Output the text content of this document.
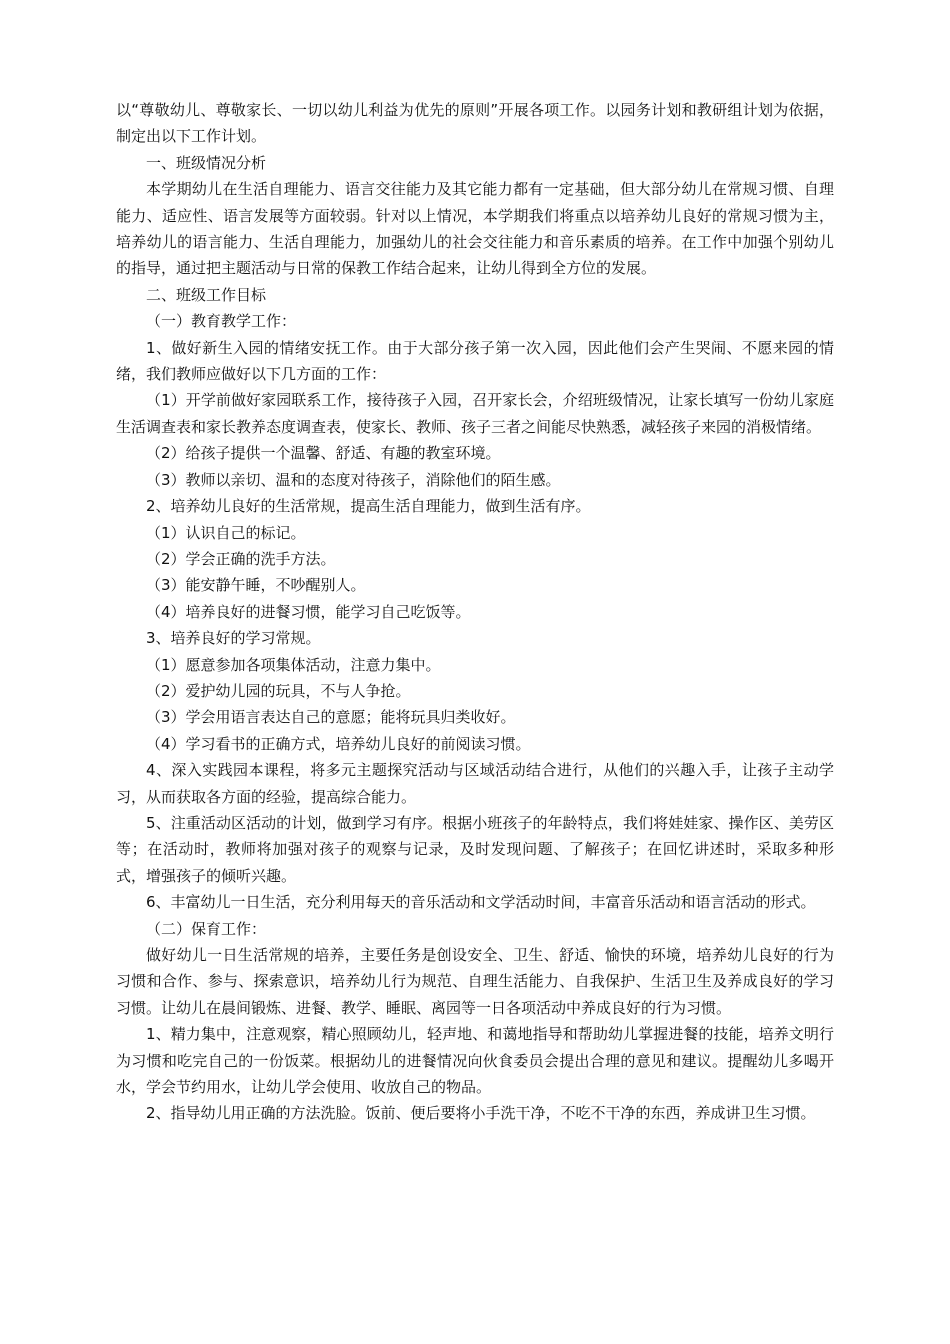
以“尊敬幼儿、尊敬家长、一切以幼儿利益为优先的原则”开展各项工作。以园务计划和教研组计划为依据，制定出以下工作计划。

一、班级情况分析

本学期幼儿在生活自理能力、语言交往能力及其它能力都有一定基础，但大部分幼儿在常规习惯、自理能力、适应性、语言发展等方面较弱。针对以上情况，本学期我们将重点以培养幼儿良好的常规习惯为主，培养幼儿的语言能力、生活自理能力，加强幼儿的社会交往能力和音乐素质的培养。在工作中加强个别幼儿的指导，通过把主题活动与日常的保教工作结合起来，让幼儿得到全方位的发展。

二、班级工作目标

（一）教育教学工作：

1、做好新生入园的情绪安抚工作。由于大部分孩子第一次入园，因此他们会产生哭闹、不愿来园的情绪，我们教师应做好以下几方面的工作：

（1）开学前做好家园联系工作，接待孩子入园，召开家长会，介绍班级情况，让家长填写一份幼儿家庭生活调查表和家长教养态度调查表，使家长、教师、孩子三者之间能尽快熟悉，减轻孩子来园的消极情绪。

（2）给孩子提供一个温馨、舒适、有趣的教室环境。

（3）教师以亲切、温和的态度对待孩子，消除他们的陌生感。

2、培养幼儿良好的生活常规，提高生活自理能力，做到生活有序。

（1）认识自己的标记。

（2）学会正确的洗手方法。

（3）能安静午睡，不吵醒别人。

（4）培养良好的进餐习惯，能学习自己吃饭等。

3、培养良好的学习常规。

（1）愿意参加各项集体活动，注意力集中。

（2）爱护幼儿园的玩具，不与人争抢。

（3）学会用语言表达自己的意愿；能将玩具归类收好。

（4）学习看书的正确方式，培养幼儿良好的前阅读习惯。

4、深入实践园本课程，将多元主题探究活动与区域活动结合进行，从他们的兴趣入手，让孩子主动学习，从而获取各方面的经验，提高综合能力。

5、注重活动区活动的计划，做到学习有序。根据小班孩子的年龄特点，我们将娃娃家、操作区、美劳区等；在活动时，教师将加强对孩子的观察与记录，及时发现问题、了解孩子；在回忆讲述时，采取多种形式，增强孩子的倾听兴趣。

6、丰富幼儿一日生活，充分利用每天的音乐活动和文学活动时间，丰富音乐活动和语言活动的形式。

（二）保育工作：

做好幼儿一日生活常规的培养，主要任务是创设安全、卫生、舒适、愉快的环境，培养幼儿良好的行为习惯和合作、参与、探索意识，培养幼儿行为规范、自理生活能力、自我保护、生活卫生及养成良好的学习习惯。让幼儿在晨间锻炼、进餐、教学、睡眠、离园等一日各项活动中养成良好的行为习惯。

1、精力集中，注意观察，精心照顾幼儿，轻声地、和蔼地指导和帮助幼儿掌握进餐的技能，培养文明行为习惯和吃完自己的一份饭菜。根据幼儿的进餐情况向伙食委员会提出合理的意见和建议。提醒幼儿多喝开水，学会节约用水，让幼儿学会使用、收放自己的物品。

2、指导幼儿用正确的方法洗脸。饭前、便后要将小手洗干净，不吃不干净的东西，养成讲卫生习惯。
